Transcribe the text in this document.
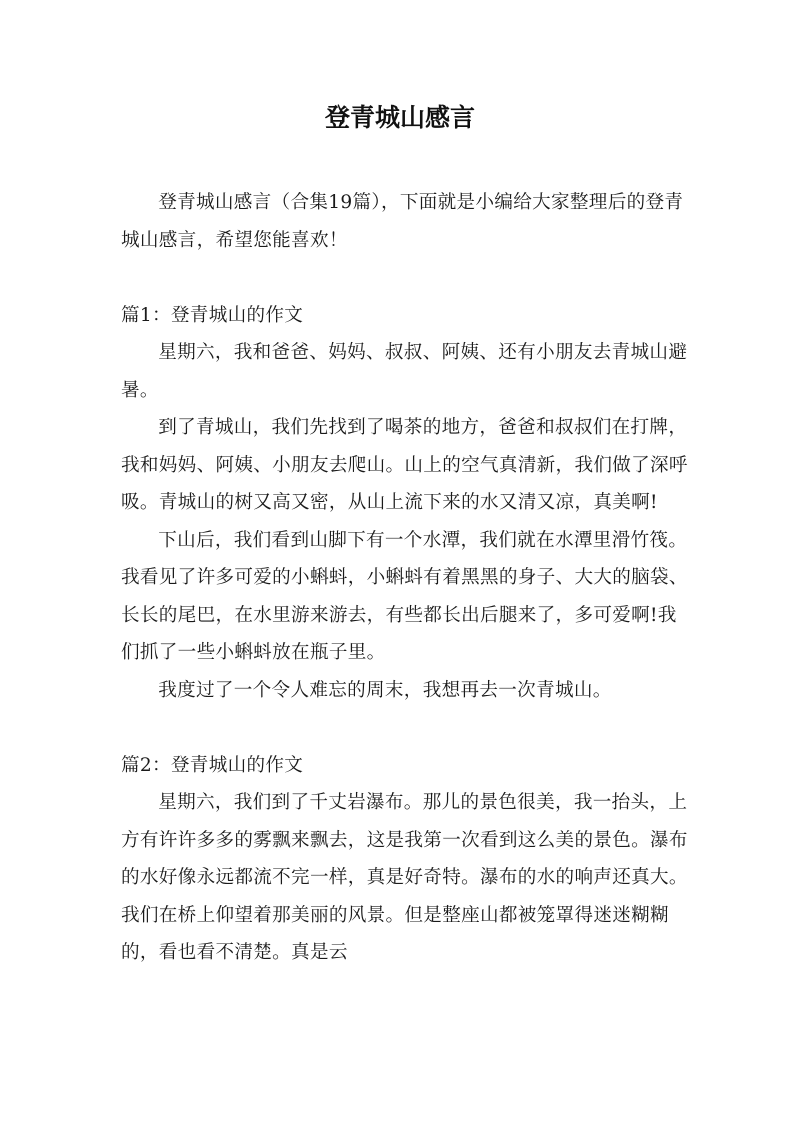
登青城山感言

登青城山感言（合集19篇），下面就是小编给大家整理后的登青城山感言，希望您能喜欢！

篇1：登青城山的作文

星期六，我和爸爸、妈妈、叔叔、阿姨、还有小朋友去青城山避暑。

到了青城山，我们先找到了喝茶的地方，爸爸和叔叔们在打牌，我和妈妈、阿姨、小朋友去爬山。山上的空气真清新，我们做了深呼吸。青城山的树又高又密，从山上流下来的水又清又凉，真美啊!

下山后，我们看到山脚下有一个水潭，我们就在水潭里滑竹筏。我看见了许多可爱的小蝌蚪，小蝌蚪有着黑黑的身子、大大的脑袋、长长的尾巴，在水里游来游去，有些都长出后腿来了，多可爱啊!我们抓了一些小蝌蚪放在瓶子里。

我度过了一个令人难忘的周末，我想再去一次青城山。

篇2：登青城山的作文

星期六，我们到了千丈岩瀑布。那儿的景色很美，我一抬头，上方有许许多多的雾飘来飘去，这是我第一次看到这么美的景色。瀑布的水好像永远都流不完一样，真是好奇特。瀑布的水的响声还真大。我们在桥上仰望着那美丽的风景。但是整座山都被笼罩得迷迷糊糊的，看也看不清楚。真是云
